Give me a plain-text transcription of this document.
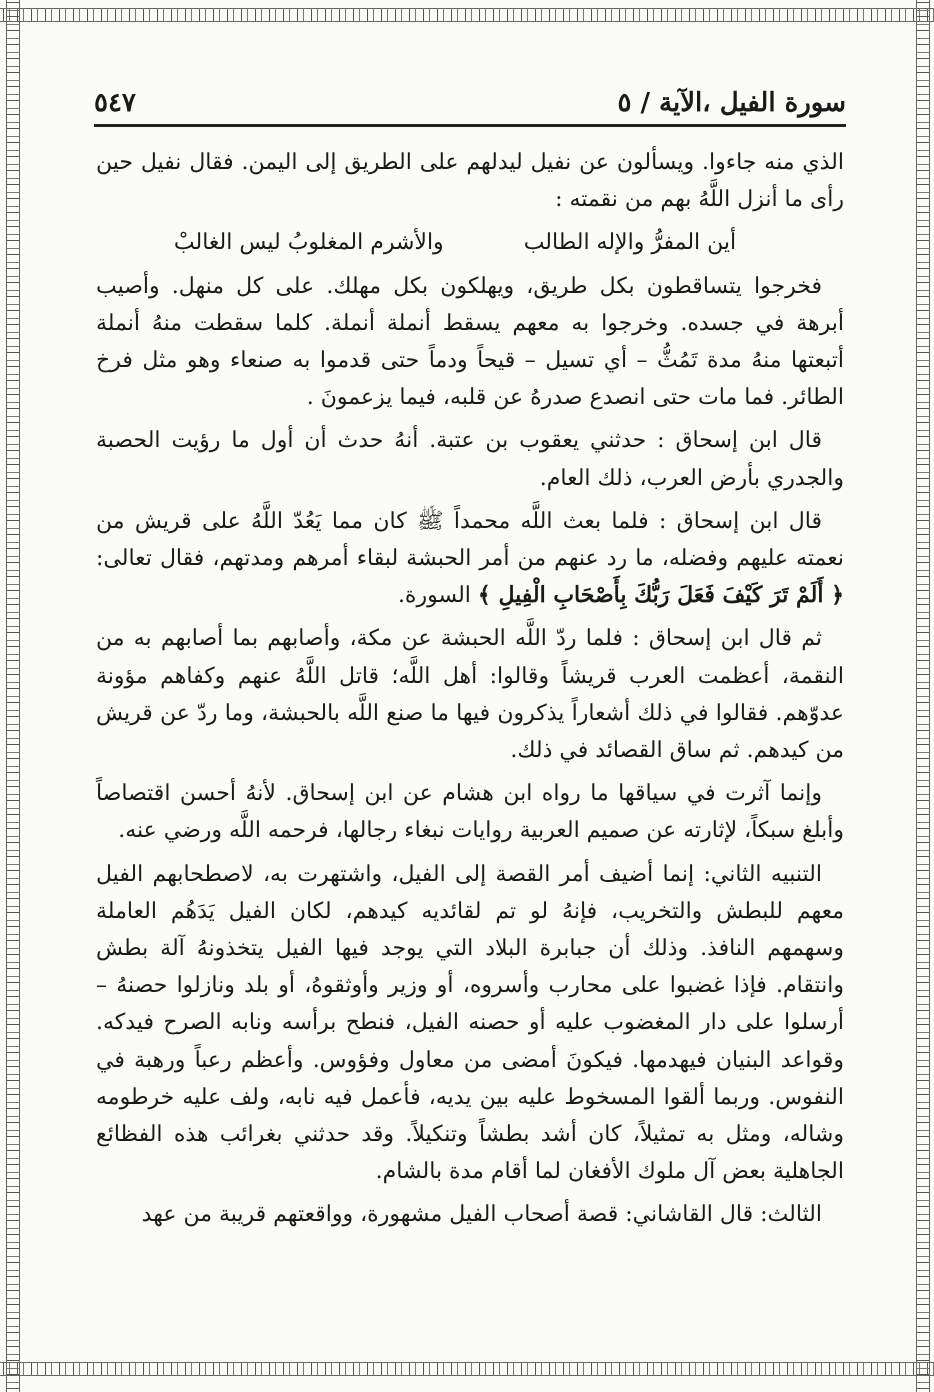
سورة الفيل ،الآية / ٥
٥٤٧

الذي منه جاءوا. ويسألون عن نفيل ليدلهم على الطريق إلى اليمن. فقال نفيل حين رأى ما أنزل اللَّهُ بهم من نقمته :

أين المفرُّ والإله الطالب
والأشرم المغلوبُ ليس الغالبْ

فخرجوا يتساقطون بكل طريق، ويهلكون بكل مهلك. على كل منهل. وأصيب أبرهة في جسده. وخرجوا به معهم يسقط أنملة أنملة. كلما سقطت منهُ أنملة أتبعتها منهُ مدة تَمُثُّ – أي تسيل – قيحاً ودماً حتى قدموا به صنعاء وهو مثل فرخ الطائر. فما مات حتى انصدع صدرهُ عن قلبه، فيما يزعمونَ .

قال ابن إسحاق : حدثني يعقوب بن عتبة. أنهُ حدث أن أول ما رؤيت الحصبة والجدري بأرض العرب، ذلك العام.

قال ابن إسحاق : فلما بعث اللَّه محمداً ﷺ كان مما يَعُدّ اللَّهُ على قريش من نعمته عليهم وفضله، ما رد عنهم من أمر الحبشة لبقاء أمرهم ومدتهم، فقال تعالى: ﴿ أَلَمْ تَرَ كَيْفَ فَعَلَ رَبُّكَ بِأَصْحَابِ الْفِيلِ ﴾ السورة.

ثم قال ابن إسحاق : فلما ردّ اللَّه الحبشة عن مكة، وأصابهم بما أصابهم به من النقمة، أعظمت العرب قريشاً وقالوا: أهل اللَّه؛ قاتل اللَّهُ عنهم وكفاهم مؤونة عدوّهم. فقالوا في ذلك أشعاراً يذكرون فيها ما صنع اللَّه بالحبشة، وما ردّ عن قريش من كيدهم. ثم ساق القصائد في ذلك.

وإنما آثرت في سياقها ما رواه ابن هشام عن ابن إسحاق. لأنهُ أحسن اقتصاصاً وأبلغ سبكاً، لإثارته عن صميم العربية روايات نبغاء رجالها، فرحمه اللَّه ورضي عنه.

التنبيه الثاني: إنما أضيف أمر القصة إلى الفيل، واشتهرت به، لاصطحابهم الفيل معهم للبطش والتخريب، فإنهُ لو تم لقائديه كيدهم، لكان الفيل يَدَهُم العاملة وسهمهم النافذ. وذلك أن جبابرة البلاد التي يوجد فيها الفيل يتخذونهُ آلة بطش وانتقام. فإذا غضبوا على محارب وأسروه، أو وزير وأوثقوهُ، أو بلد ونازلوا حصنهُ – أرسلوا على دار المغضوب عليه أو حصنه الفيل، فنطح برأسه ونابه الصرح فيدكه. وقواعد البنيان فيهدمها. فيكونَ أمضى من معاول وفؤوس. وأعظم رعباً ورهبة في النفوس. وربما ألقوا المسخوط عليه بين يديه، فأعمل فيه نابه، ولف عليه خرطومه وشاله، ومثل به تمثيلاً، كان أشد بطشاً وتنكيلاً. وقد حدثني بغرائب هذه الفظائع الجاهلية بعض آل ملوك الأفغان لما أقام مدة بالشام.

الثالث: قال القاشاني: قصة أصحاب الفيل مشهورة، وواقعتهم قريبة من عهد
